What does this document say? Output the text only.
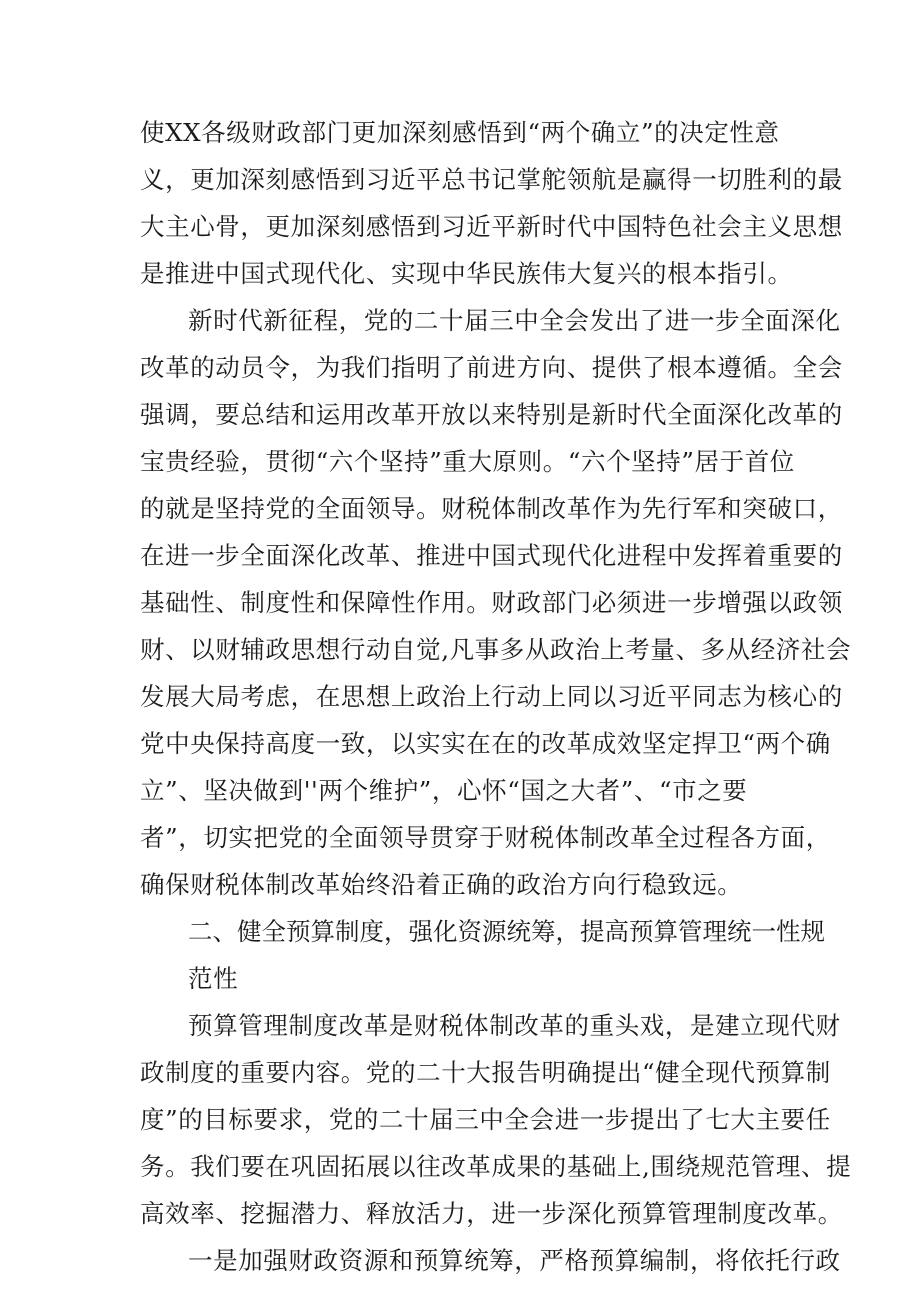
使XX各级财政部门更加深刻感悟到“两个确立”的决定性意
义，更加深刻感悟到习近平总书记掌舵领航是赢得一切胜利的最
大主心骨，更加深刻感悟到习近平新时代中国特色社会主义思想
是推进中国式现代化、实现中华民族伟大复兴的根本指引。
新时代新征程，党的二十届三中全会发出了进一步全面深化
改革的动员令，为我们指明了前进方向、提供了根本遵循。全会
强调，要总结和运用改革开放以来特别是新时代全面深化改革的
宝贵经验，贯彻“六个坚持”重大原则。“六个坚持”居于首位
的就是坚持党的全面领导。财税体制改革作为先行军和突破口，
在进一步全面深化改革、推进中国式现代化进程中发挥着重要的
基础性、制度性和保障性作用。财政部门必须进一步增强以政领
财、以财辅政思想行动自觉,凡事多从政治上考量、多从经济社会
发展大局考虑，在思想上政治上行动上同以习近平同志为核心的
党中央保持高度一致，以实实在在的改革成效坚定捍卫“两个确
立”、坚决做到''两个维护”，心怀“国之大者”、“市之要
者”，切实把党的全面领导贯穿于财税体制改革全过程各方面，
确保财税体制改革始终沿着正确的政治方向行稳致远。
二、健全预算制度，强化资源统筹，提高预算管理统一性规
范性
预算管理制度改革是财税体制改革的重头戏，是建立现代财
政制度的重要内容。党的二十大报告明确提出“健全现代预算制
度”的目标要求，党的二十届三中全会进一步提出了七大主要任
务。我们要在巩固拓展以往改革成果的基础上,围绕规范管理、提
高效率、挖掘潜力、释放活力，进一步深化预算管理制度改革。
一是加强财政资源和预算统筹，严格预算编制，将依托行政
